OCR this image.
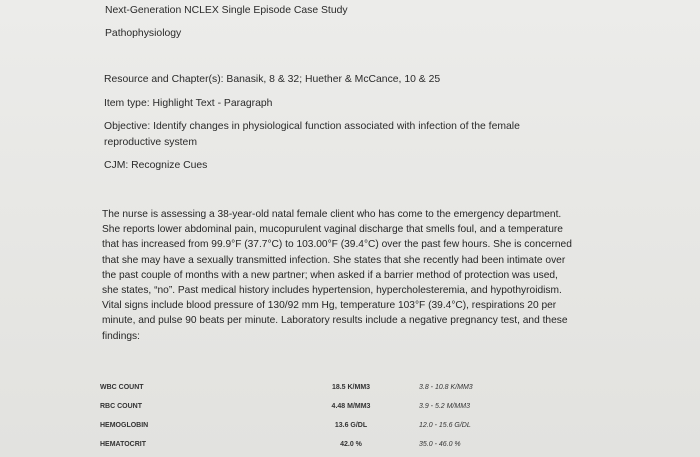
Next-Generation NCLEX Single Episode Case Study
Pathophysiology
Resource and Chapter(s): Banasik, 8 & 32; Huether & McCance, 10 & 25
Item type: Highlight Text - Paragraph
Objective: Identify changes in physiological function associated with infection of the female
reproductive system
CJM: Recognize Cues
The nurse is assessing a 38-year-old natal female client who has come to the emergency department.
She reports lower abdominal pain, mucopurulent vaginal discharge that smells foul, and a temperature
that has increased from 99.9°F (37.7°C) to 103.00°F (39.4°C) over the past few hours. She is concerned
that she may have a sexually transmitted infection. She states that she recently had been intimate over
the past couple of months with a new partner; when asked if a barrier method of protection was used,
she states, “no”. Past medical history includes hypertension, hypercholesteremia, and hypothyroidism.
Vital signs include blood pressure of 130/92 mm Hg, temperature 103°F (39.4°C), respirations 20 per
minute, and pulse 90 beats per minute. Laboratory results include a negative pregnancy test, and these
findings:
WBC COUNT	18.5 K/MM3	3.8 - 10.8 K/MM3
RBC COUNT	4.48 M/MM3	3.9 - 5.2 M/MM3
HEMOGLOBIN	13.6 G/DL	12.0 - 15.6 G/DL
HEMATOCRIT	42.0 %	35.0 - 46.0 %
